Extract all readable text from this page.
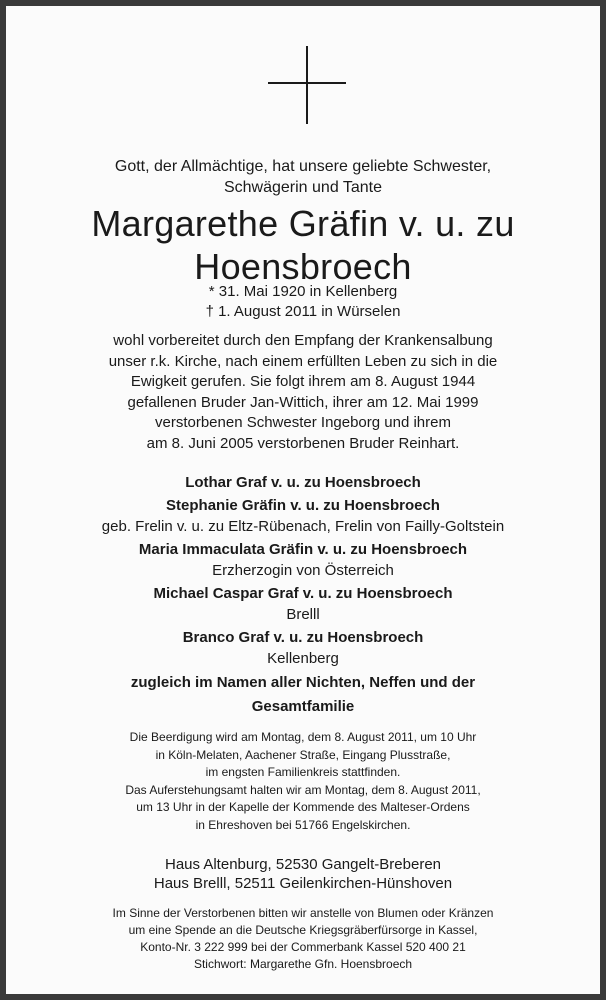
Gott, der Allmächtige, hat unsere geliebte Schwester,
Schwägerin und Tante
Margarethe Gräfin v. u. zu
Hoensbroech
* 31. Mai 1920 in Kellenberg
† 1. August 2011 in Würselen
wohl vorbereitet durch den Empfang der Krankensalbung
unser r.k. Kirche, nach einem erfüllten Leben zu sich in die
Ewigkeit gerufen. Sie folgt ihrem am 8. August 1944
gefallenen Bruder Jan-Wittich, ihrer am 12. Mai 1999
verstorbenen Schwester Ingeborg und ihrem
am 8. Juni 2005 verstorbenen Bruder Reinhart.
Lothar Graf v. u. zu Hoensbroech
Stephanie Gräfin v. u. zu Hoensbroech
geb. Frelin v. u. zu Eltz-Rübenach, Frelin von Failly-Goltstein
Maria Immaculata Gräfin v. u. zu Hoensbroech
Erzherzogin von Österreich
Michael Caspar Graf v. u. zu Hoensbroech
Brelll
Branco Graf v. u. zu Hoensbroech
Kellenberg
zugleich im Namen aller Nichten, Neffen und der
Gesamtfamilie
Die Beerdigung wird am Montag, dem 8. August 2011, um 10 Uhr
in Köln-Melaten, Aachener Straße, Eingang Plusstraße,
im engsten Familienkreis stattfinden.
Das Auferstehungsamt halten wir am Montag, dem 8. August 2011,
um 13 Uhr in der Kapelle der Kommende des Malteser-Ordens
in Ehreshoven bei 51766 Engelskirchen.
Haus Altenburg, 52530 Gangelt-Breberen
Haus Brelll, 52511 Geilenkirchen-Hünshoven
Im Sinne der Verstorbenen bitten wir anstelle von Blumen oder Kränzen
um eine Spende an die Deutsche Kriegsgräberfürsorge in Kassel,
Konto-Nr. 3 222 999 bei der Commerbank Kassel 520 400 21
Stichwort: Margarethe Gfn. Hoensbroech
